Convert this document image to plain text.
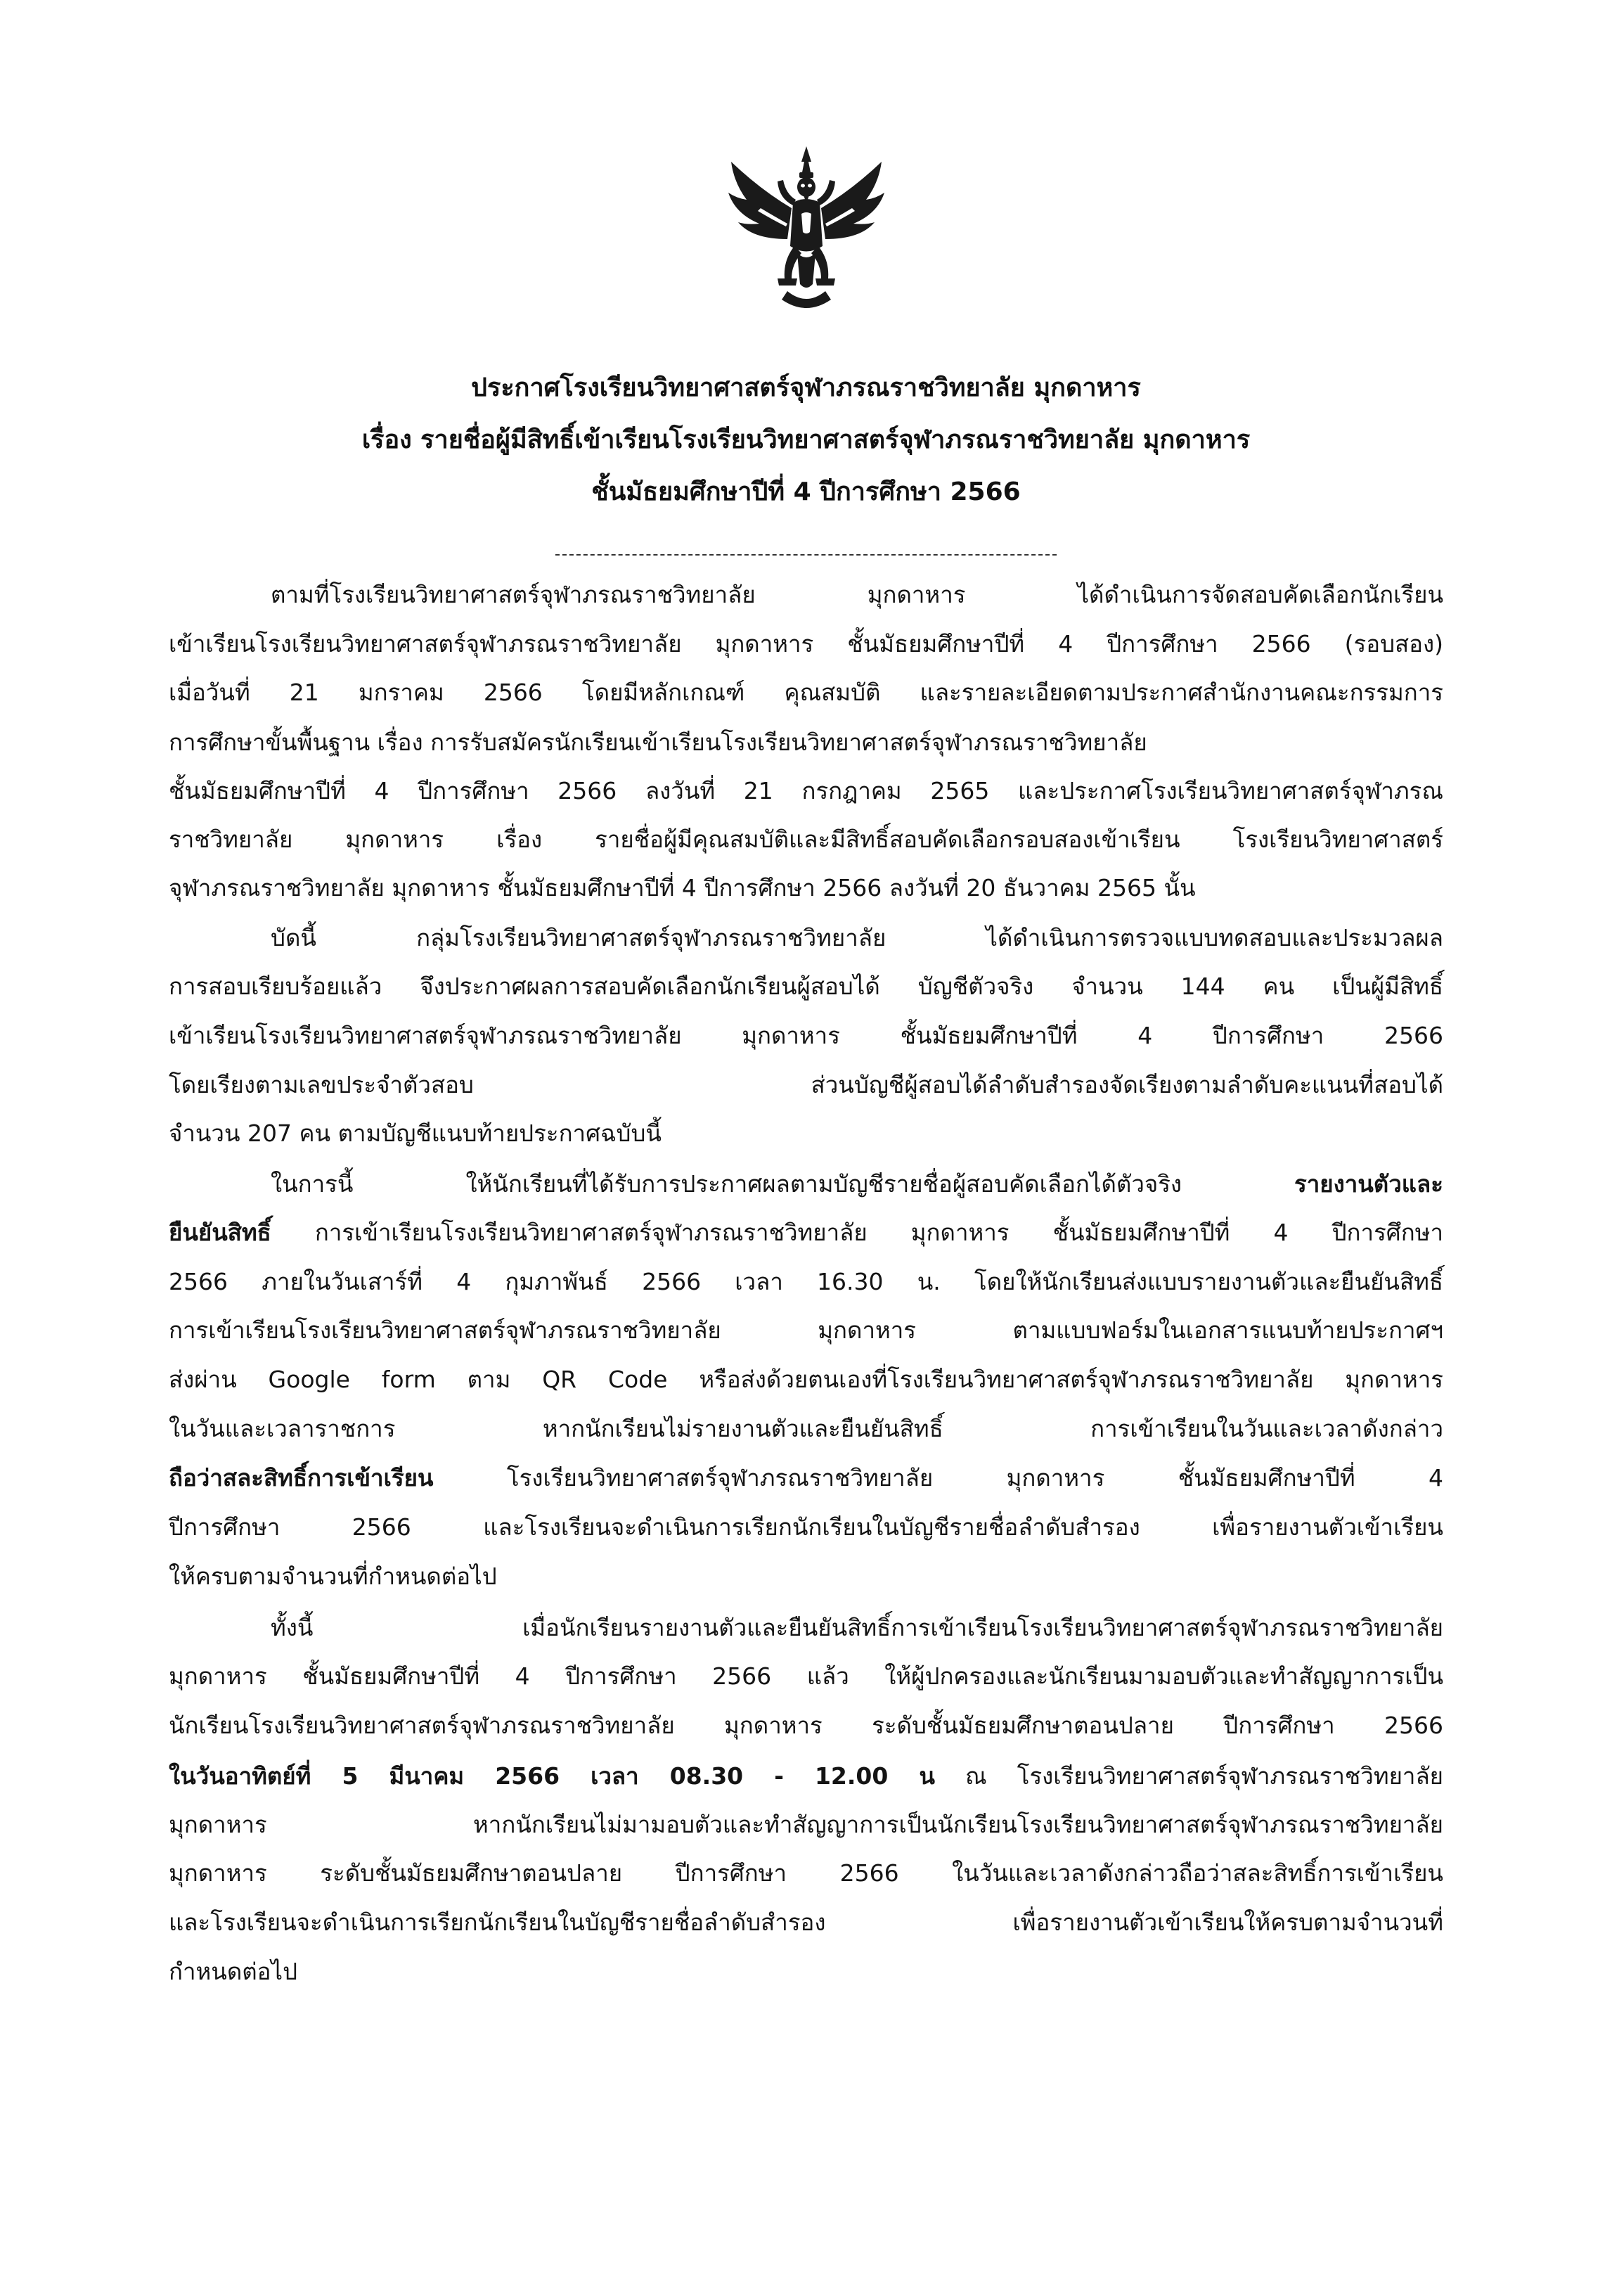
ประกาศโรงเรียนวิทยาศาสตร์จุฬาภรณราชวิทยาลัย มุกดาหาร
เรื่อง รายชื่อผู้มีสิทธิ์เข้าเรียนโรงเรียนวิทยาศาสตร์จุฬาภรณราชวิทยาลัย มุกดาหาร
ชั้นมัธยมศึกษาปีที่ 4 ปีการศึกษา 2566
ตามที่โรงเรียนวิทยาศาสตร์จุฬาภรณราชวิทยาลัย มุกดาหาร ได้ดำเนินการจัดสอบคัดเลือกนักเรียน
เข้าเรียนโรงเรียนวิทยาศาสตร์จุฬาภรณราชวิทยาลัย มุกดาหาร ชั้นมัธยมศึกษาปีที่ 4 ปีการศึกษา 2566 (รอบสอง)
เมื่อวันที่ 21 มกราคม 2566 โดยมีหลักเกณฑ์ คุณสมบัติ และรายละเอียดตามประกาศสำนักงานคณะกรรมการ
การศึกษาขั้นพื้นฐาน เรื่อง การรับสมัครนักเรียนเข้าเรียนโรงเรียนวิทยาศาสตร์จุฬาภรณราชวิทยาลัย
ชั้นมัธยมศึกษาปีที่ 4 ปีการศึกษา 2566 ลงวันที่ 21 กรกฎาคม 2565 และประกาศโรงเรียนวิทยาศาสตร์จุฬาภรณ
ราชวิทยาลัย มุกดาหาร เรื่อง รายชื่อผู้มีคุณสมบัติและมีสิทธิ์สอบคัดเลือกรอบสองเข้าเรียน โรงเรียนวิทยาศาสตร์
จุฬาภรณราชวิทยาลัย มุกดาหาร ชั้นมัธยมศึกษาปีที่ 4 ปีการศึกษา 2566 ลงวันที่ 20 ธันวาคม 2565 นั้น
บัดนี้ กลุ่มโรงเรียนวิทยาศาสตร์จุฬาภรณราชวิทยาลัย ได้ดำเนินการตรวจแบบทดสอบและประมวลผล
การสอบเรียบร้อยแล้ว จึงประกาศผลการสอบคัดเลือกนักเรียนผู้สอบได้ บัญชีตัวจริง จำนวน 144 คน เป็นผู้มีสิทธิ์
เข้าเรียนโรงเรียนวิทยาศาสตร์จุฬาภรณราชวิทยาลัย มุกดาหาร ชั้นมัธยมศึกษาปีที่ 4 ปีการศึกษา 2566
โดยเรียงตามเลขประจำตัวสอบ ส่วนบัญชีผู้สอบได้ลำดับสำรองจัดเรียงตามลำดับคะแนนที่สอบได้
จำนวน 207 คน ตามบัญชีแนบท้ายประกาศฉบับนี้
ในการนี้ ให้นักเรียนที่ได้รับการประกาศผลตามบัญชีรายชื่อผู้สอบคัดเลือกได้ตัวจริง รายงานตัวและ
ยืนยันสิทธิ์ การเข้าเรียนโรงเรียนวิทยาศาสตร์จุฬาภรณราชวิทยาลัย มุกดาหาร ชั้นมัธยมศึกษาปีที่ 4 ปีการศึกษา
2566 ภายในวันเสาร์ที่ 4 กุมภาพันธ์ 2566 เวลา 16.30 น. โดยให้นักเรียนส่งแบบรายงานตัวและยืนยันสิทธิ์
การเข้าเรียนโรงเรียนวิทยาศาสตร์จุฬาภรณราชวิทยาลัย มุกดาหาร ตามแบบฟอร์มในเอกสารแนบท้ายประกาศฯ
ส่งผ่าน Google form ตาม QR Code หรือส่งด้วยตนเองที่โรงเรียนวิทยาศาสตร์จุฬาภรณราชวิทยาลัย มุกดาหาร
ในวันและเวลาราชการ หากนักเรียนไม่รายงานตัวและยืนยันสิทธิ์ การเข้าเรียนในวันและเวลาดังกล่าว
ถือว่าสละสิทธิ์การเข้าเรียน โรงเรียนวิทยาศาสตร์จุฬาภรณราชวิทยาลัย มุกดาหาร ชั้นมัธยมศึกษาปีที่ 4
ปีการศึกษา 2566 และโรงเรียนจะดำเนินการเรียกนักเรียนในบัญชีรายชื่อลำดับสำรอง เพื่อรายงานตัวเข้าเรียน
ให้ครบตามจำนวนที่กำหนดต่อไป
ทั้งนี้ เมื่อนักเรียนรายงานตัวและยืนยันสิทธิ์การเข้าเรียนโรงเรียนวิทยาศาสตร์จุฬาภรณราชวิทยาลัย
มุกดาหาร ชั้นมัธยมศึกษาปีที่ 4 ปีการศึกษา 2566 แล้ว ให้ผู้ปกครองและนักเรียนมามอบตัวและทำสัญญาการเป็น
นักเรียนโรงเรียนวิทยาศาสตร์จุฬาภรณราชวิทยาลัย มุกดาหาร ระดับชั้นมัธยมศึกษาตอนปลาย ปีการศึกษา 2566
ในวันอาทิตย์ที่ 5 มีนาคม 2566 เวลา 08.30 - 12.00 น ณ โรงเรียนวิทยาศาสตร์จุฬาภรณราชวิทยาลัย
มุกดาหาร หากนักเรียนไม่มามอบตัวและทำสัญญาการเป็นนักเรียนโรงเรียนวิทยาศาสตร์จุฬาภรณราชวิทยาลัย
มุกดาหาร ระดับชั้นมัธยมศึกษาตอนปลาย ปีการศึกษา 2566 ในวันและเวลาดังกล่าวถือว่าสละสิทธิ์การเข้าเรียน
และโรงเรียนจะดำเนินการเรียกนักเรียนในบัญชีรายชื่อลำดับสำรอง เพื่อรายงานตัวเข้าเรียนให้ครบตามจำนวนที่
กำหนดต่อไป
